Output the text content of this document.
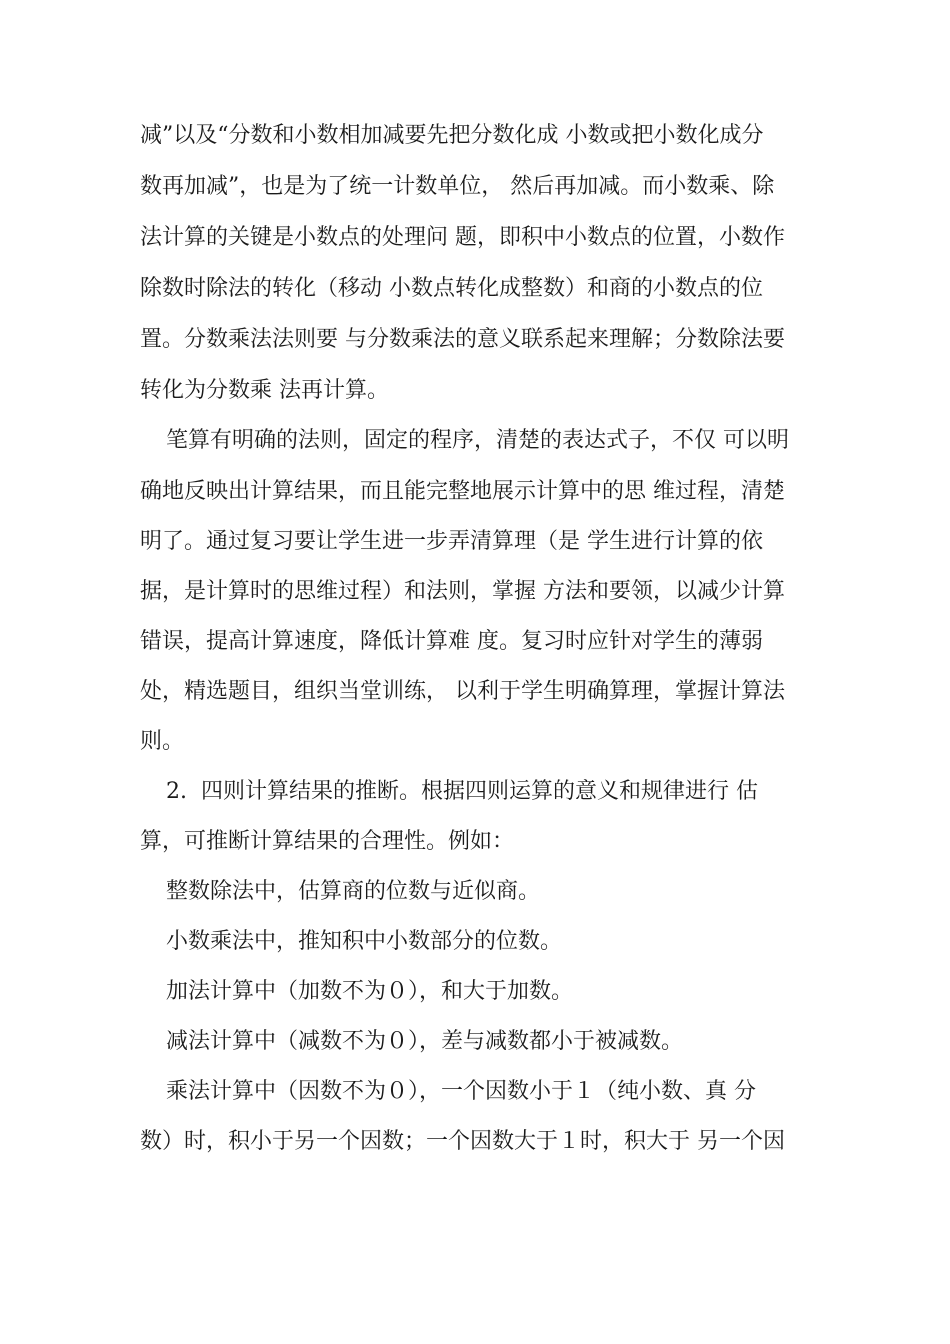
减”以及“分数和小数相加减要先把分数化成 小数或把小数化成分
数再加减”，也是为了统一计数单位， 然后再加减。而小数乘、除
法计算的关键是小数点的处理问 题，即积中小数点的位置，小数作
除数时除法的转化（移动 小数点转化成整数）和商的小数点的位
置。分数乘法法则要 与分数乘法的意义联系起来理解；分数除法要
转化为分数乘 法再计算。
笔算有明确的法则，固定的程序，清楚的表达式子，不仅 可以明
确地反映出计算结果，而且能完整地展示计算中的思 维过程，清楚
明了。通过复习要让学生进一步弄清算理（是 学生进行计算的依
据，是计算时的思维过程）和法则，掌握 方法和要领，以减少计算
错误，提高计算速度，降低计算难 度。复习时应针对学生的薄弱
处，精选题目，组织当堂训练， 以利于学生明确算理，掌握计算法
则。
2.  四则计算结果的推断。根据四则运算的意义和规律进行 估
算，可推断计算结果的合理性。例如：
整数除法中，估算商的位数与近似商。
小数乘法中，推知积中小数部分的位数。
加法计算中（加数不为０），和大于加数。
减法计算中（减数不为０），差与减数都小于被减数。
乘法计算中（因数不为０），一个因数小于１（纯小数、真 分
数）时，积小于另一个因数；一个因数大于１时，积大于 另一个因
